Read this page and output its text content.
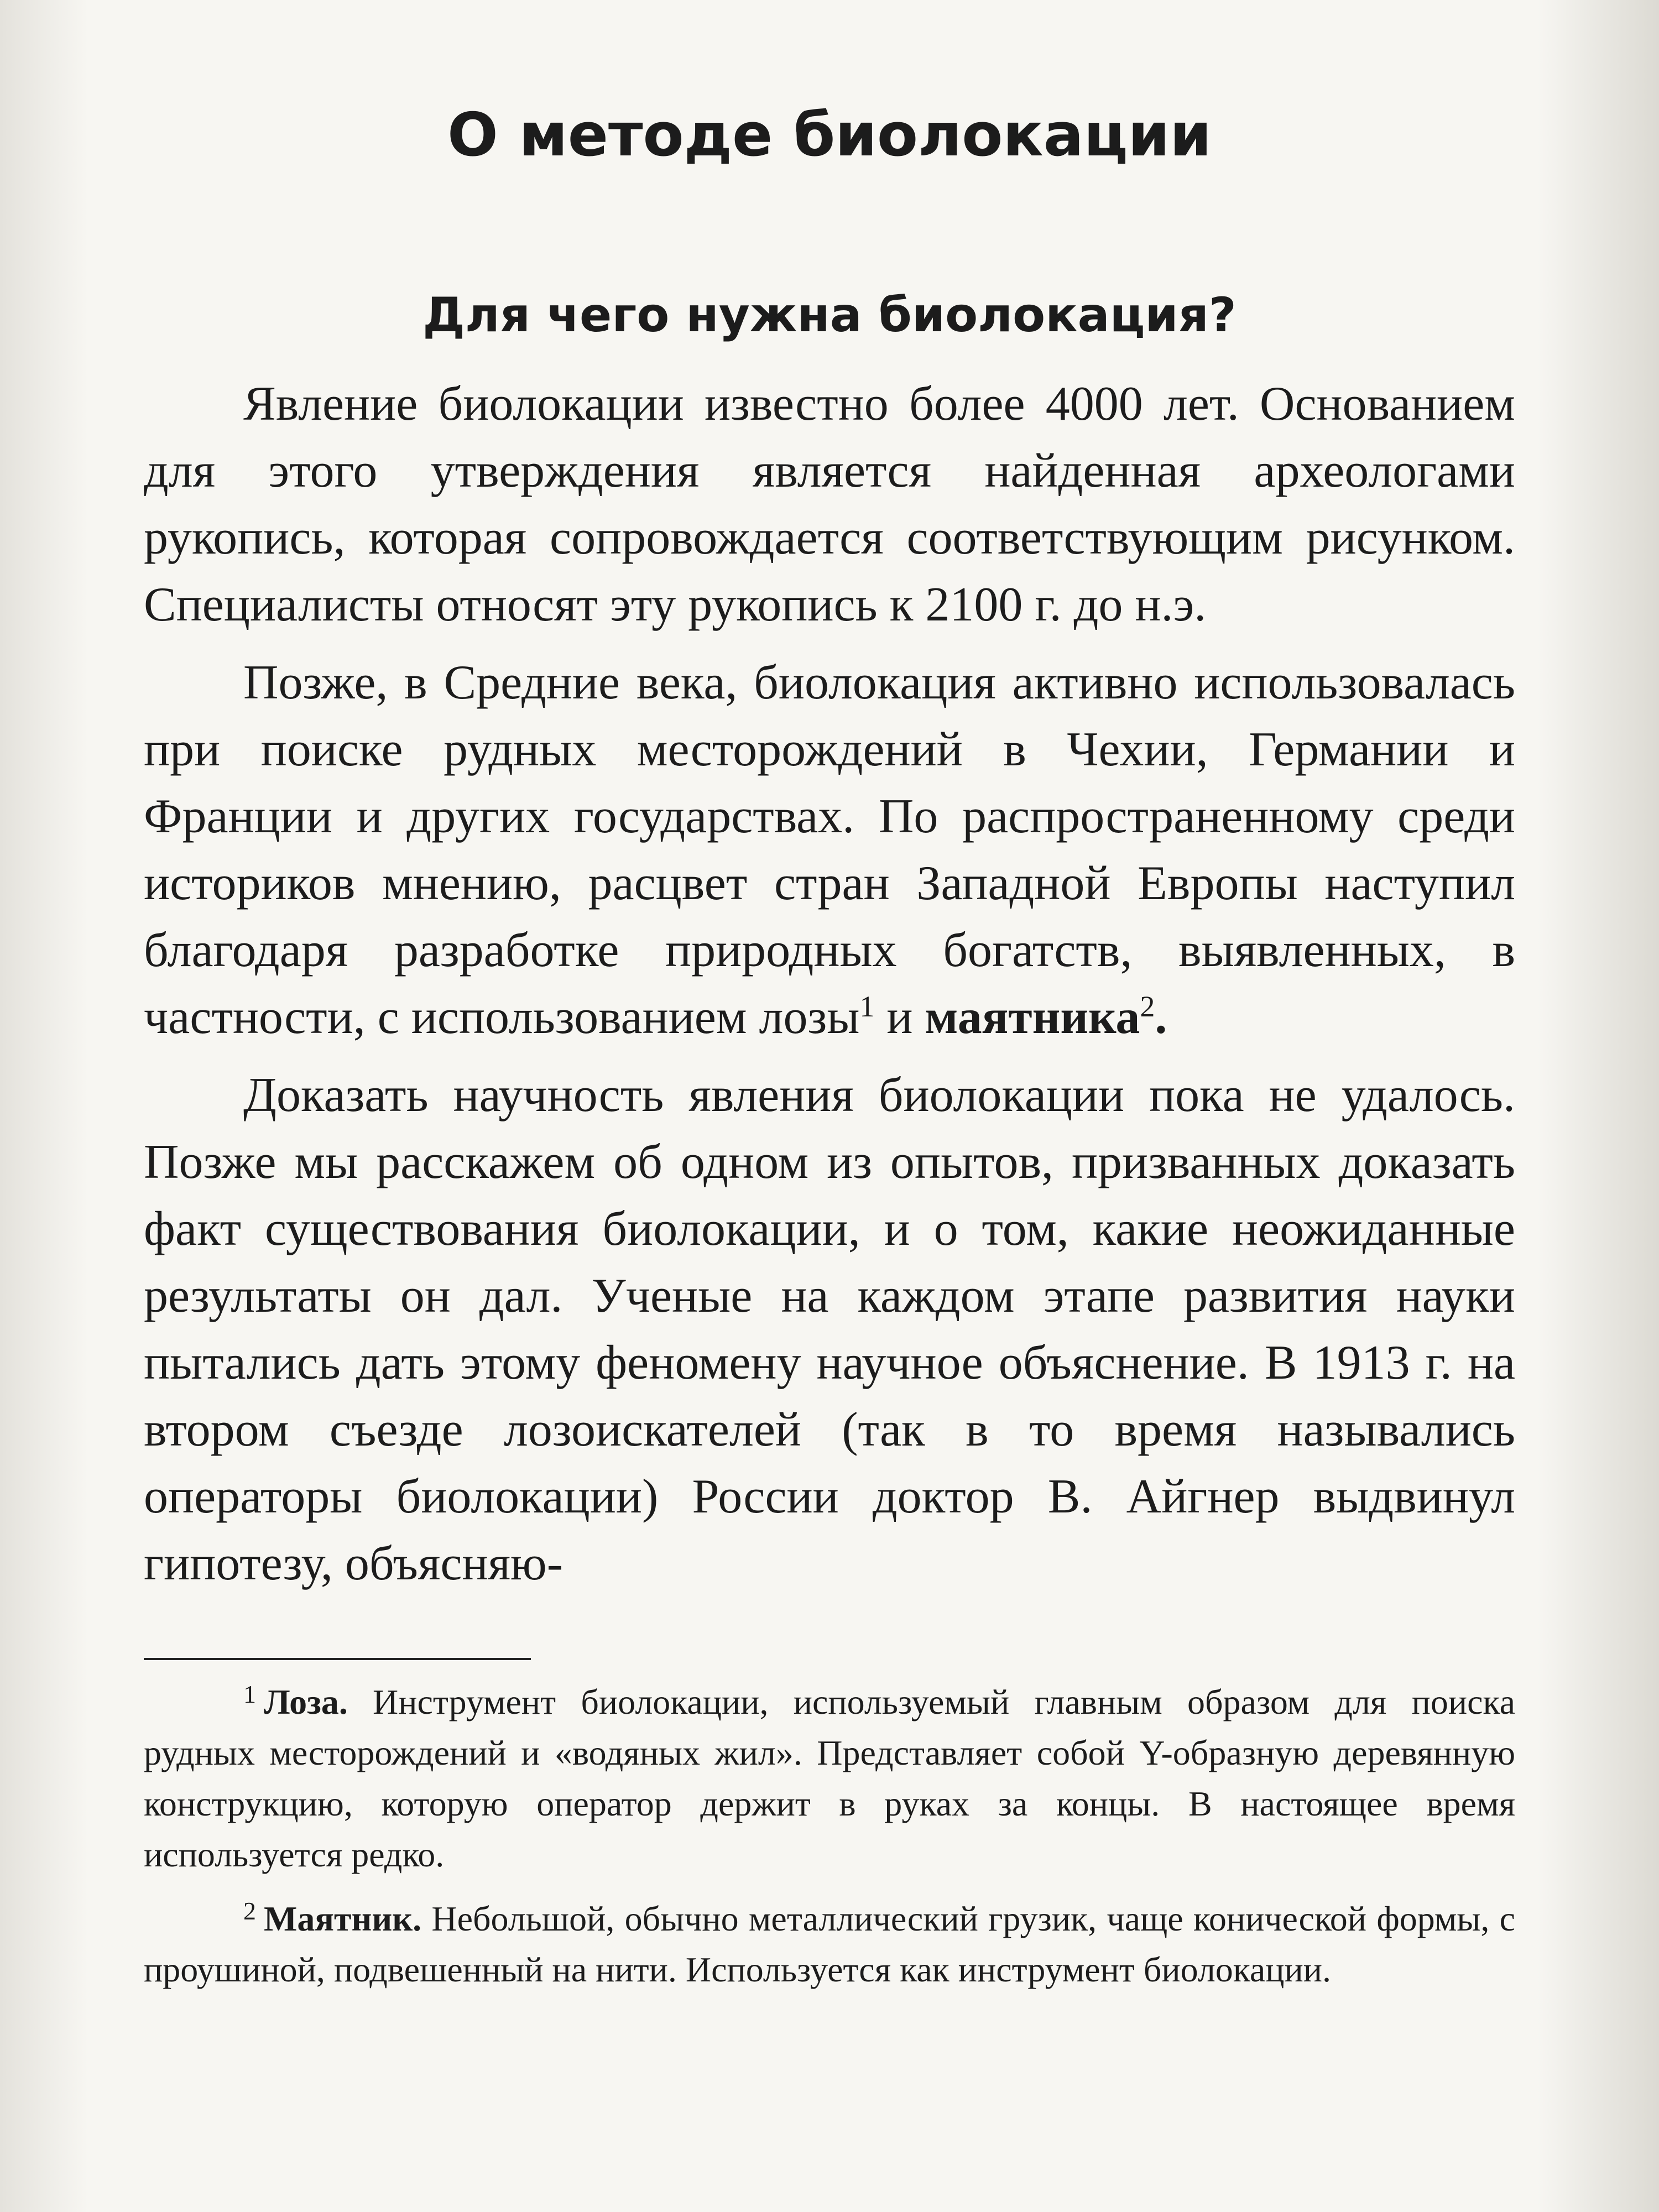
О методе биолокации
Для чего нужна биолокация?

Явление биолокации известно более 4000 лет. Основанием для этого утверждения является найденная археологами рукопись, которая сопровождается соответствующим рисунком. Специалисты относят эту рукопись к 2100 г. до н.э.

Позже, в Средние века, биолокация активно использовалась при поиске рудных месторождений в Чехии, Германии и Франции и других государствах. По распространенному среди историков мнению, расцвет стран Западной Европы наступил благодаря разработке природных богатств, выявленных, в частности, с использованием лозы$^1$ и маятника$^2$.

Доказать научность явления биолокации пока не удалось. Позже мы расскажем об одном из опытов, призванных доказать факт существования биолокации, и о том, какие неожиданные результаты он дал. Ученые на каждом этапе развития науки пытались дать этому феномену научное объяснение. В 1913 г. на втором съезде лозоискателей (так в то время назывались операторы биолокации) России доктор В. Айгнер выдвинул гипотезу, объясняю-

$^1$ Лоза. Инструмент биолокации, используемый главным образом для поиска рудных месторождений и «водяных жил». Представляет собой Y-образную деревянную конструкцию, которую оператор держит в руках за концы. В настоящее время используется редко.

$^2$ Маятник. Небольшой, обычно металлический грузик, чаще конической формы, с проушиной, подвешенный на нити. Используется как инструмент биолокации.
